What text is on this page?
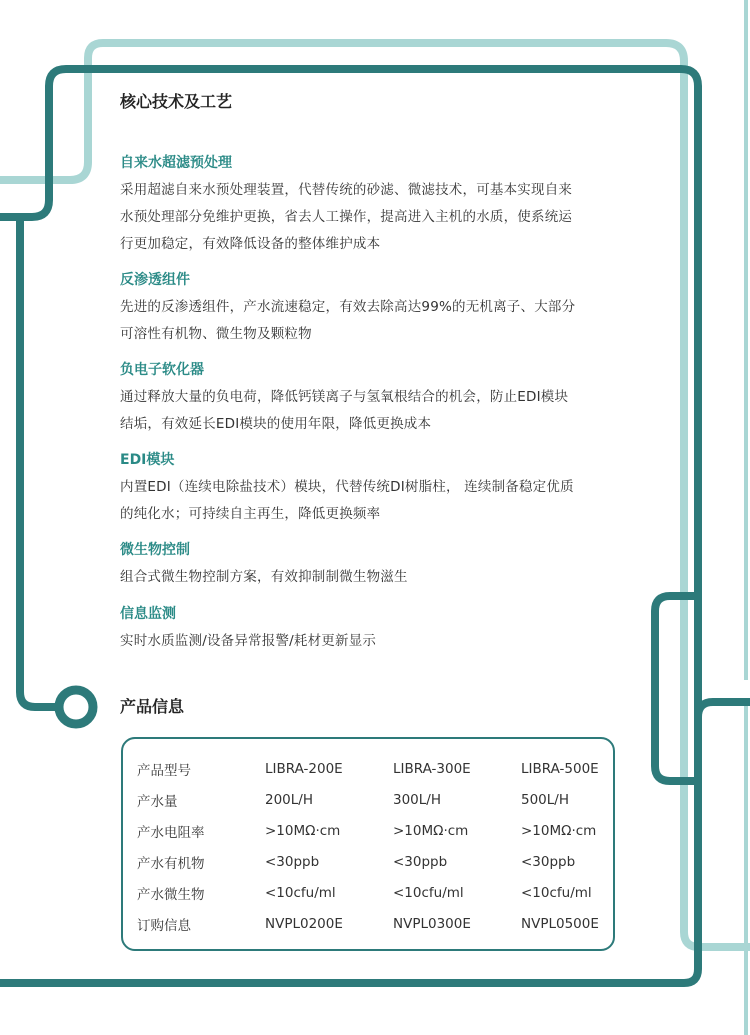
核心技术及工艺
自来水超滤预处理
采用超滤自来水预处理装置，代替传统的砂滤、微滤技术，可基本实现自来
水预处理部分免维护更换，省去人工操作，提高进入主机的水质，使系统运
行更加稳定，有效降低设备的整体维护成本
反渗透组件
先进的反渗透组件，产水流速稳定，有效去除高达99%的无机离子、大部分
可溶性有机物、微生物及颗粒物
负电子软化器
通过释放大量的负电荷，降低钙镁离子与氢氧根结合的机会，防止EDI模块
结垢，有效延长EDI模块的使用年限，降低更换成本
EDI模块
内置EDI（连续电除盐技术）模块，代替传统DI树脂柱， 连续制备稳定优质
的纯化水；可持续自主再生，降低更换频率
微生物控制
组合式微生物控制方案，有效抑制制微生物滋生
信息监测
实时水质监测/设备异常报警/耗材更新显示
产品信息
产品型号	LIBRA-200E	LIBRA-300E	LIBRA-500E
产水量	200L/H	300L/H	500L/H
产水电阻率	>10MΩ·cm	>10MΩ·cm	>10MΩ·cm
产水有机物	<30ppb	<30ppb	<30ppb
产水微生物	<10cfu/ml	<10cfu/ml	<10cfu/ml
订购信息	NVPL0200E	NVPL0300E	NVPL0500E
